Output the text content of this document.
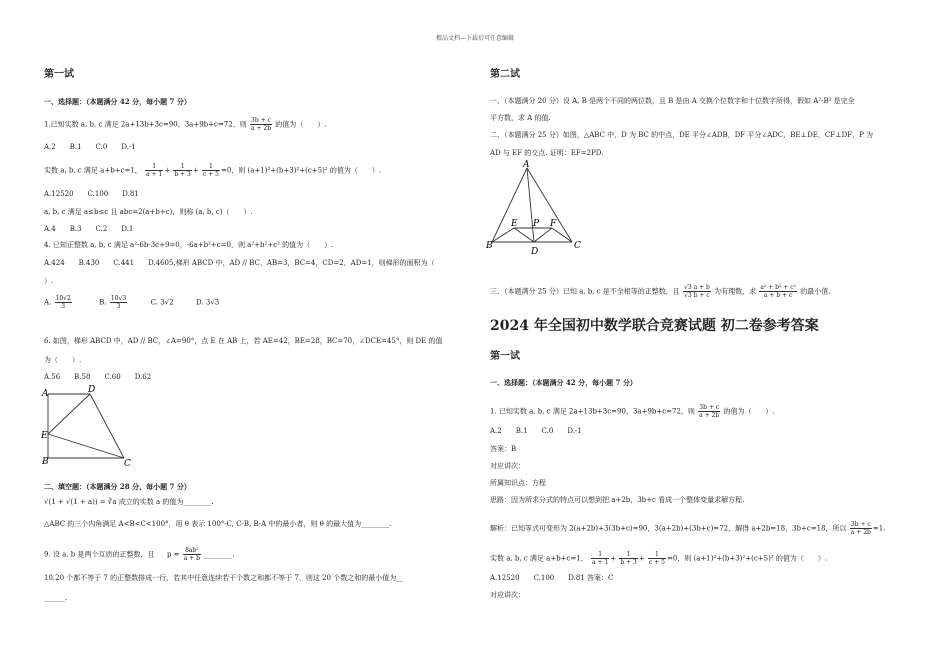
精品文档---下载后可任意编辑
第一试
一、选择题：（本题满分 42 分，每小题 7 分）
1.已知实数 a, b, c 满足 2a+13b+3c=90，3a+9b+c=72，则 $\frac{3b + c}{a + 2b}$ 的值为（　　）.
A.2　　B.1　　C.0　　D.-1
实数 a, b, c 满足 a+b+c=1， $\frac{1}{a + 1} + \frac{1}{b + 3} + \frac{1}{c + 5} =0$，则 (a+1)²+(b+3)²+(c+5)² 的值为（　　）.
A.12520　　C.100　　D.81
a, b, c 满足 a≤b≤c 且 abc=2(a+b+c)，则称 (a, b, c)（　　）.
A.4　　B.3　　C.2　　D.1
4. 已知正整数 a, b, c 满足 a²-6b-3c+9=0，-6a+b²+c=0，则 a²+b²+c² 的值为（　　）.
A.424　　B.430　　C.441　　D.4605.梯形 ABCD 中，AD // BC，AB=3，BC=4，CD=2，AD=1，则梯形的面积为（
）.
A. $\frac{10√2}{3}$	B. $\frac{10√3}{3}$	C. 3√2	D. 3√3
6. 如图，梯形 ABCD 中，AD // BC，∠A=90°，点 E 在 AB 上，若 AE=42，BE=28，BC=70，∠DCE=45°，则 DE 的值
为（　　）.
A.56　　B.58　　C.60　　D.62
A	D
E
B	C
二、填空题：（本题满分 28 分，每小题 7 分）
√(1 + √(1 + a)) = ∛a 成立的实数 a 的值为________.
△ABC 的三个内角满足 A<B<C<100°，用 θ 表示 100°-C, C-B, B-A 中的最小者，则 θ 的最大值为________.
9. 设 a, b 是两个互质的正整数，且 $p = \frac{\text{8ab²}}{a + b}$ ________.
10.20 个都不等于 7 的正整数排成一行，若其中任意连续若干个数之和都不等于 7，则这 20 个数之和的最小值为__
______.
第二试
一、（本题满分 20 分）设 A, B 是两个不同的两位数，且 B 是由 A 交换个位数字和十位数字所得，假如 A²-B² 是完全
平方数，求 A 的值.
二、（本题满分 25 分）如图，△ABC 中，D 为 BC 的中点，DE 平分∠ADB，DF 平分∠ADC，BE⊥DE，CF⊥DF，P 为
AD 与 EF 的交点. 证明：EF=2PD.
A
E P F
B
D
C
三、（本题满分 25 分）已知 a, b, c 是不全相等的正整数，且 $\frac{√3 a + b}{√3 b + c}$ 为有理数，求 $\frac{\text{a² + b² + c²}}{a + b + c}$ 的最小值.
2024 年全国初中数学联合竞赛试题 初二卷参考答案
第一试
一、选择题：（本题满分 42 分，每小题 7 分）
1. 已知实数 a, b, c 满足 2a+13b+3c=90，3a+9b+c=72，则 $\frac{3b + c}{a + 2b}$ 的值为（　　）.
A.2　　B.1　　C.0　　D.-1
答案：B
对应讲次：
所属知识点：方程
思路：因为所求分式的特点可以想到把 a+2b，3b+c 看成一个整体变量求解方程.
解析：已知等式可变形为 2(a+2b)+3(3b+c)=90，3(a+2b)+(3b+c)=72，解得 a+2b=18，3b+c=18，所以 $\frac{3b + c}{a + 2b} =1$.
实数 a, b, c 满足 a+b+c=1， $\frac{1}{a + 1} + \frac{1}{b + 3} + \frac{1}{c + 5} =0$，则 (a+1)²+(b+3)²+(c+5)² 的值为（　　）.
A.12520　　C.100　　D.81 答案：C
对应讲次：
